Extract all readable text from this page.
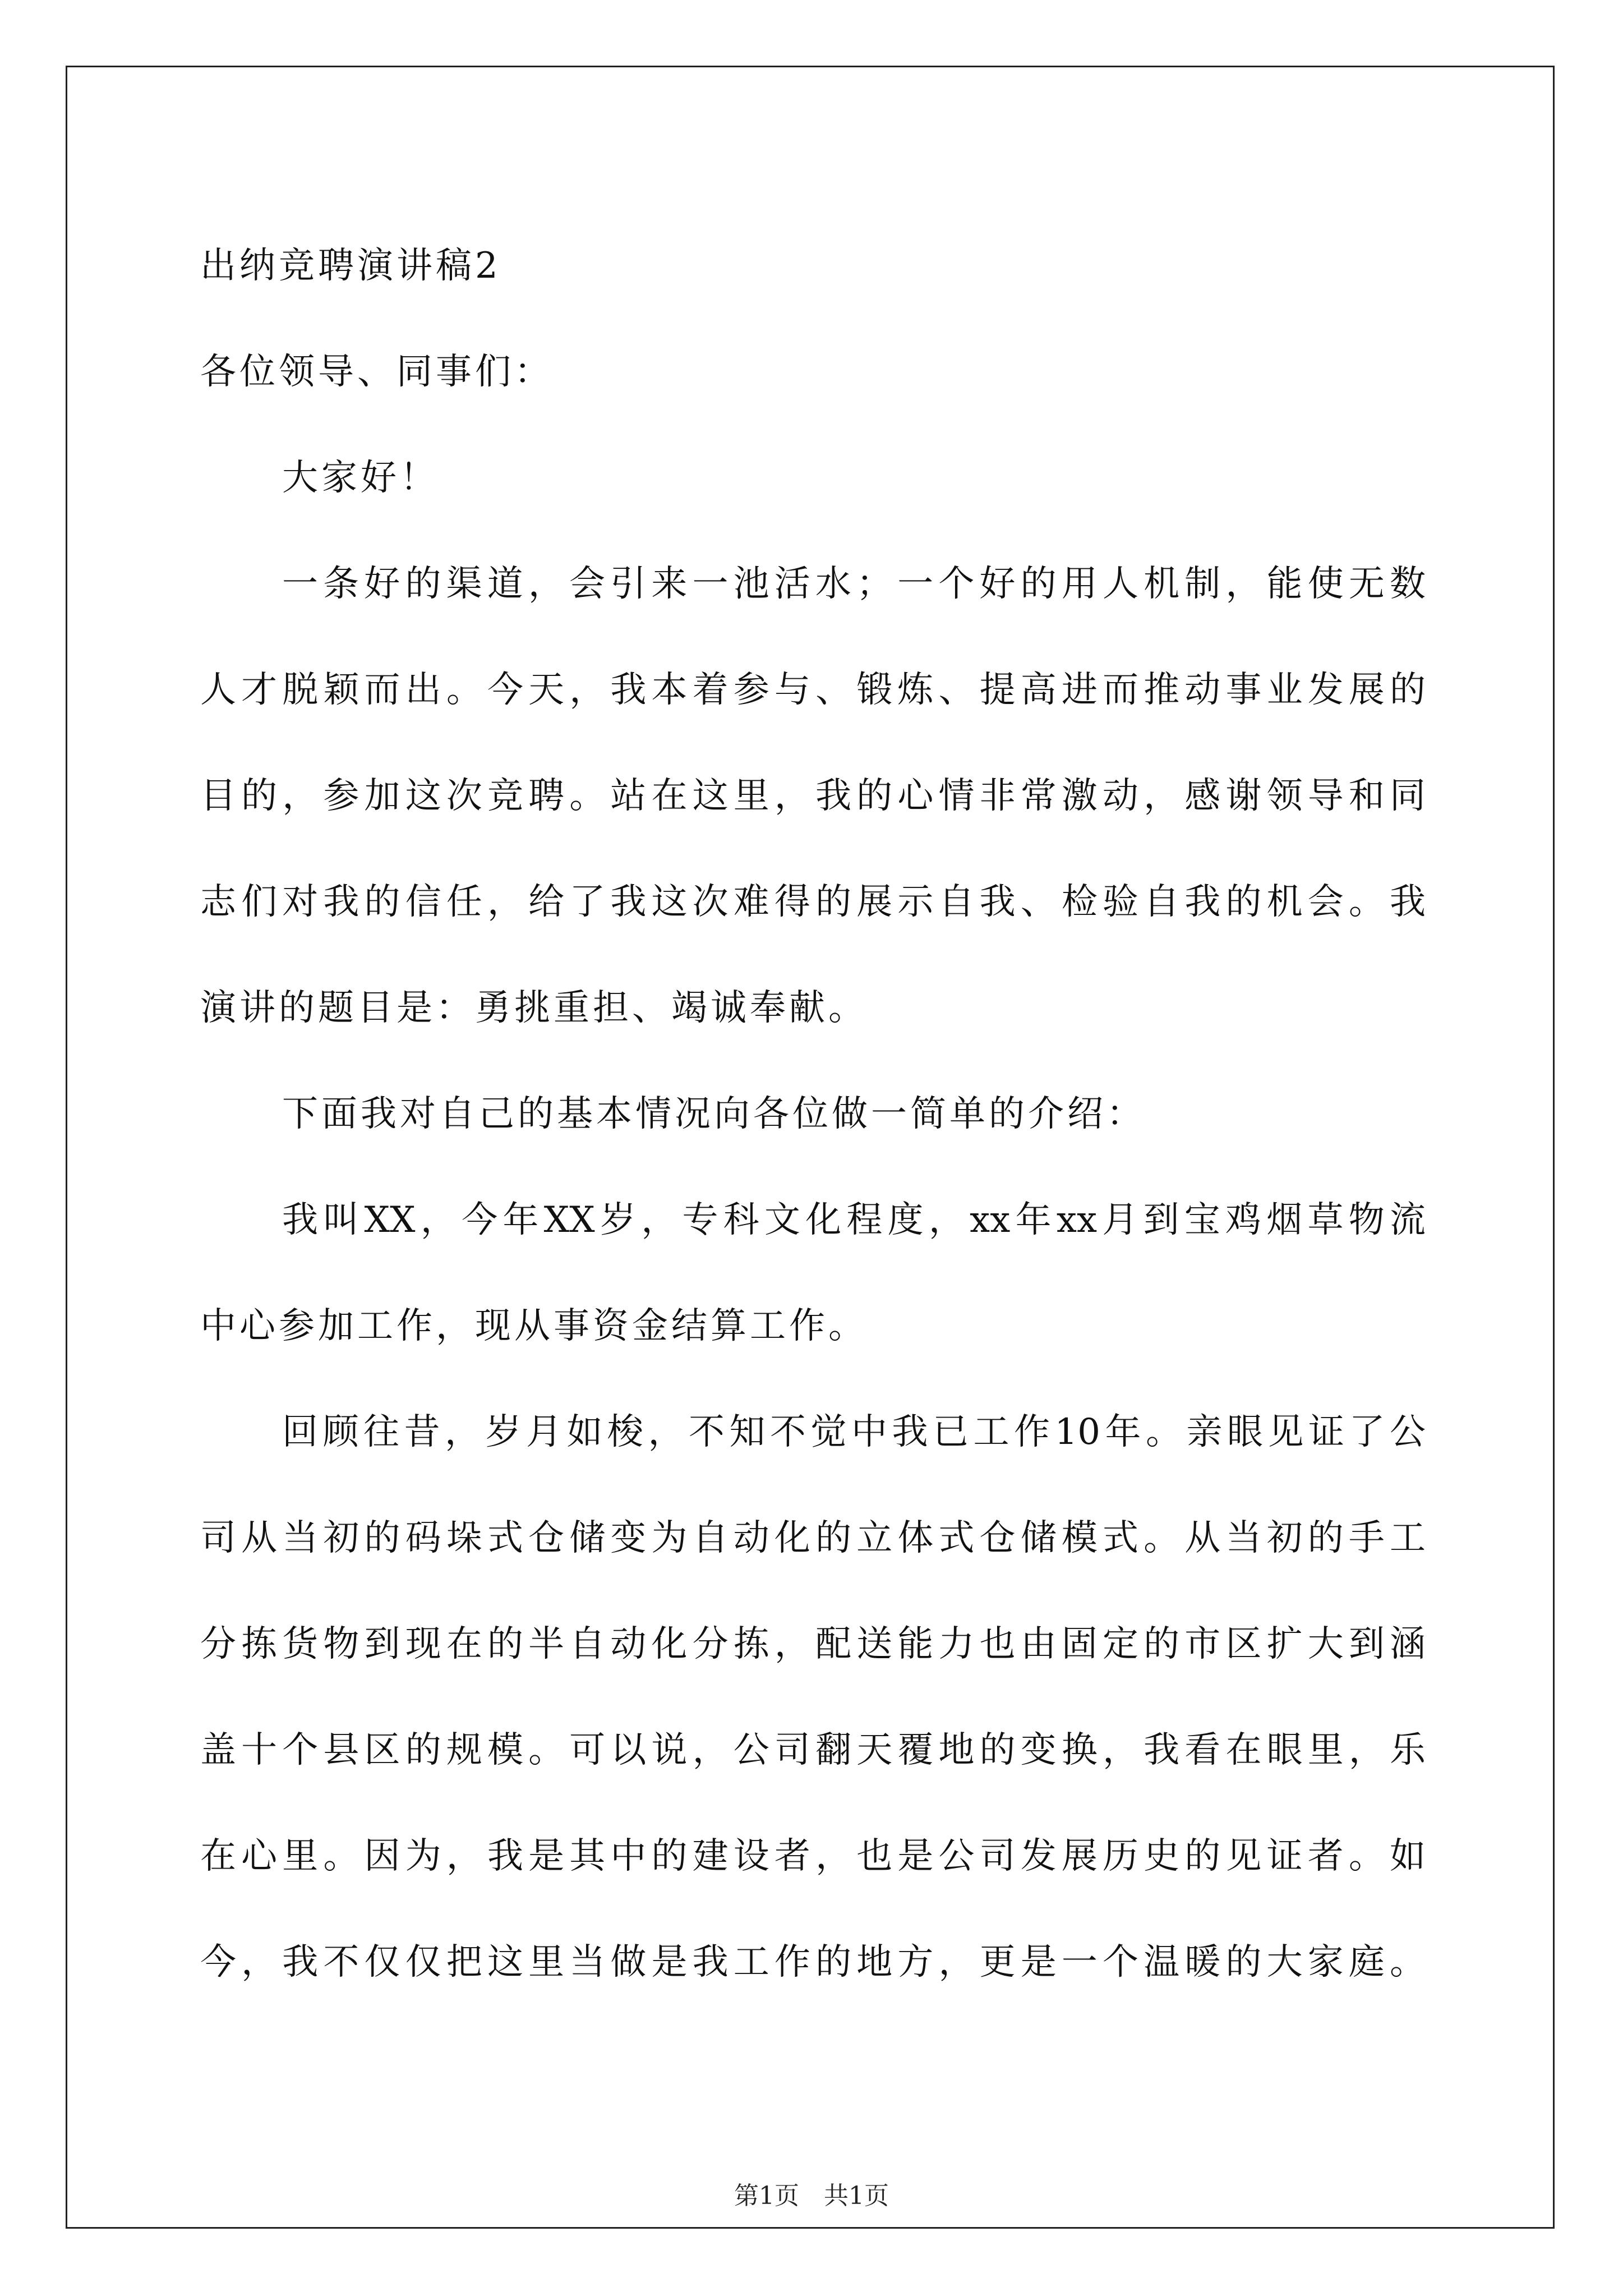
出纳竞聘演讲稿2
各位领导、同事们：
大家好！
一条好的渠道，会引来一池活水；一个好的用人机制，能使无数
人才脱颖而出。今天，我本着参与、锻炼、提高进而推动事业发展的
目的，参加这次竞聘。站在这里，我的心情非常激动，感谢领导和同
志们对我的信任，给了我这次难得的展示自我、检验自我的机会。我
演讲的题目是：勇挑重担、竭诚奉献。
下面我对自己的基本情况向各位做一简单的介绍：
我叫XX，今年XX岁，专科文化程度，xx年xx月到宝鸡烟草物流
中心参加工作，现从事资金结算工作。
回顾往昔，岁月如梭，不知不觉中我已工作10年。亲眼见证了公
司从当初的码垛式仓储变为自动化的立体式仓储模式。从当初的手工
分拣货物到现在的半自动化分拣，配送能力也由固定的市区扩大到涵
盖十个县区的规模。可以说，公司翻天覆地的变换，我看在眼里，乐
在心里。因为，我是其中的建设者，也是公司发展历史的见证者。如
今，我不仅仅把这里当做是我工作的地方，更是一个温暖的大家庭。
第1页　共1页
